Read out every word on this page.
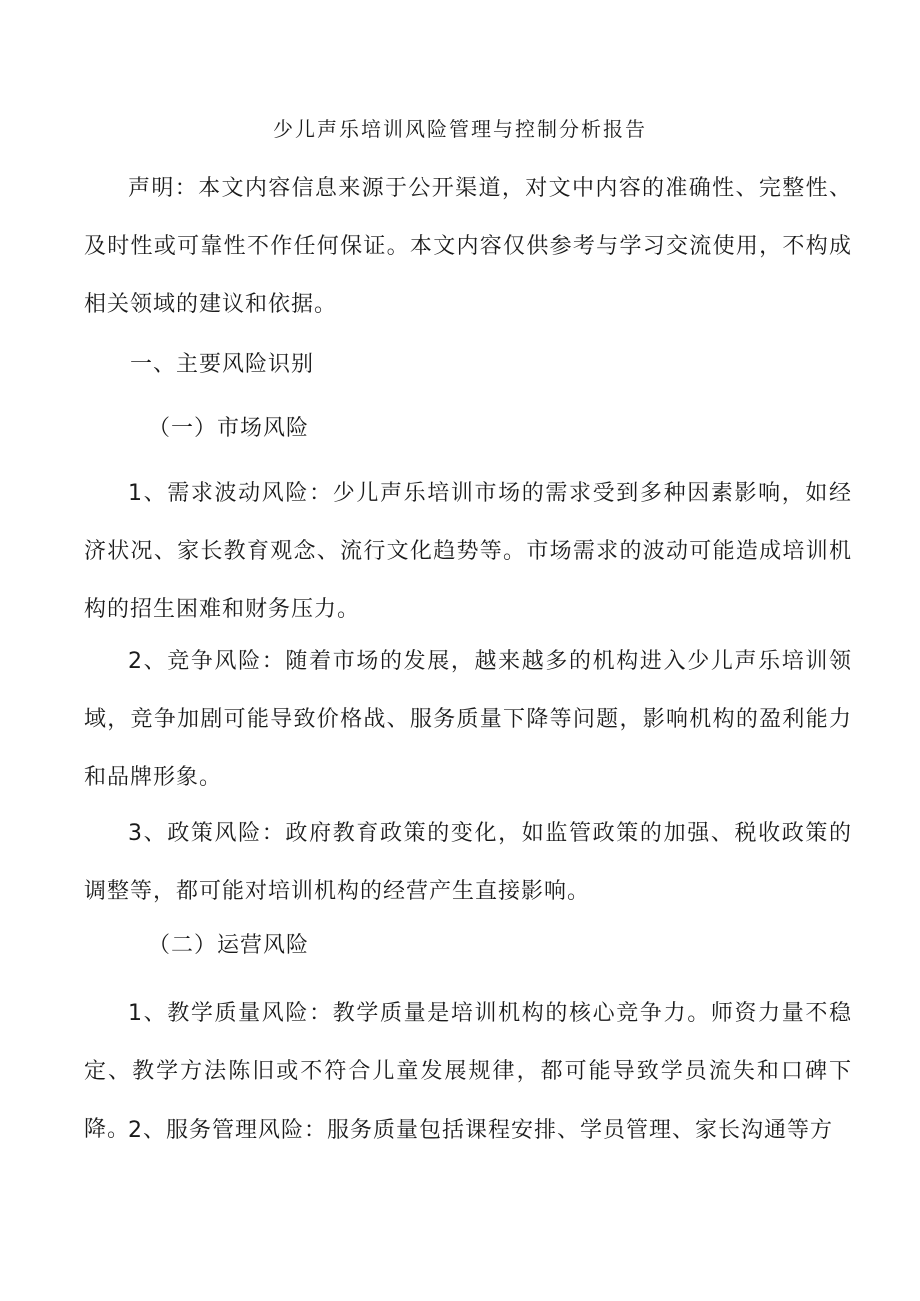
少儿声乐培训风险管理与控制分析报告

声明：本文内容信息来源于公开渠道，对文中内容的准确性、完整性、及时性或可靠性不作任何保证。本文内容仅供参考与学习交流使用，不构成相关领域的建议和依据。

一、主要风险识别

（一）市场风险

1、需求波动风险：少儿声乐培训市场的需求受到多种因素影响，如经济状况、家长教育观念、流行文化趋势等。市场需求的波动可能造成培训机构的招生困难和财务压力。

2、竞争风险：随着市场的发展，越来越多的机构进入少儿声乐培训领域，竞争加剧可能导致价格战、服务质量下降等问题，影响机构的盈利能力和品牌形象。

3、政策风险：政府教育政策的变化，如监管政策的加强、税收政策的调整等，都可能对培训机构的经营产生直接影响。

（二）运营风险

1、教学质量风险：教学质量是培训机构的核心竞争力。师资力量不稳定、教学方法陈旧或不符合儿童发展规律，都可能导致学员流失和口碑下降。

2、服务管理风险：服务质量包括课程安排、学员管理、家长沟通等方
